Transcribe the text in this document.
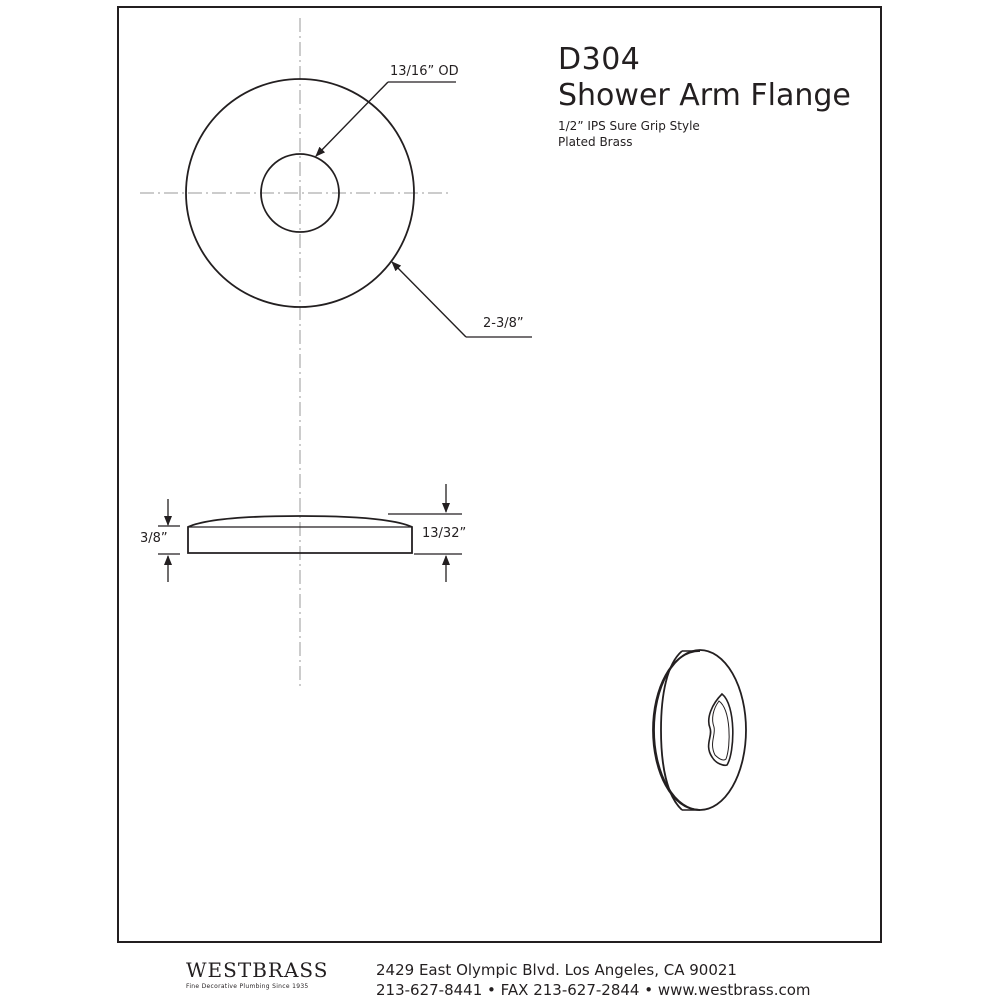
D304
Shower Arm Flange
1/2” IPS Sure Grip Style
Plated Brass
13/16” OD
2-3/8”
3/8”	13/32”
WESTBRASS
Fine Decorative Plumbing Since 1935
2429 East Olympic Blvd. Los Angeles, CA 90021
213-627-8441 • FAX 213-627-2844 • www.westbrass.com
